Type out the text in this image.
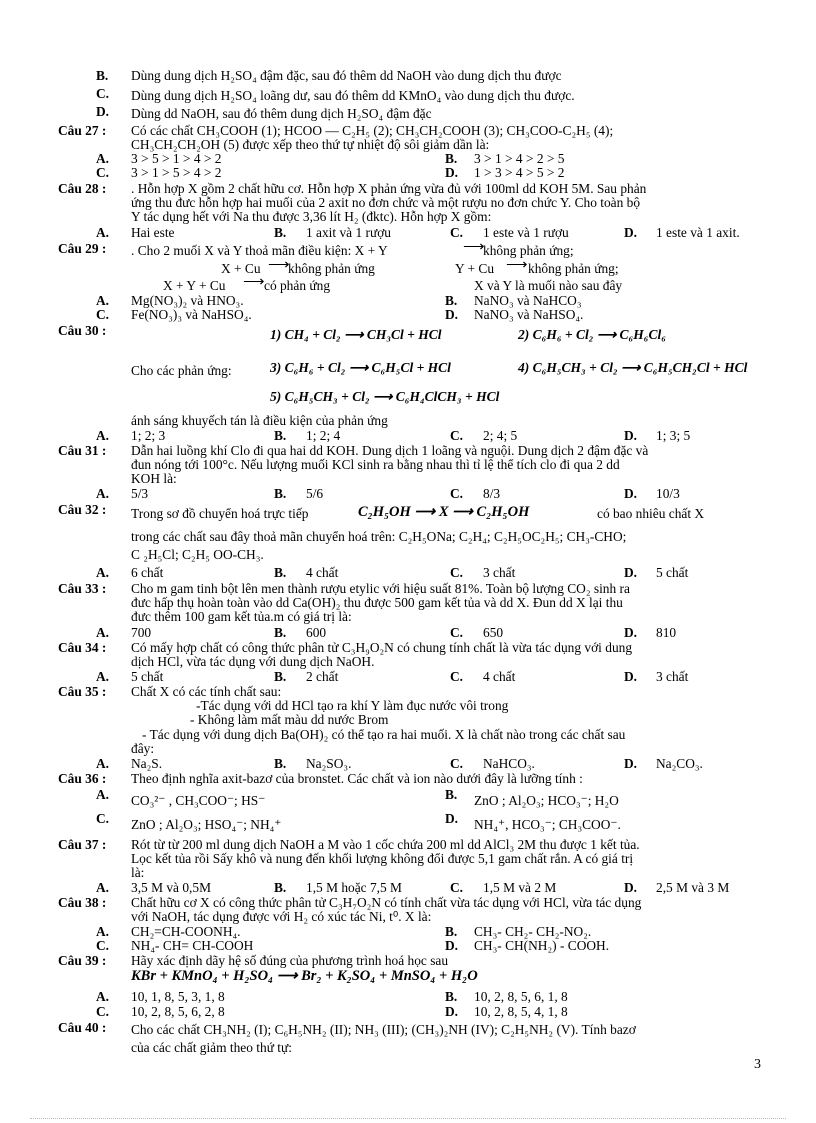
B. Dùng dung dịch H₂SO₄ đậm đặc, sau đó thêm dd NaOH vào dung dịch thu được
C. Dùng dung dịch H₂SO₄ loãng dư, sau đó thêm dd KMnO₄ vào dung dịch thu được.
D. Dùng dd NaOH, sau đó thêm dung dịch H₂SO₄ đậm đặc
Câu 27 : Có các chất CH₃COOH (1); HCOO — C₂H₅ (2); CH₃CH₂COOH (3); CH₃COO-C₂H₅ (4);
CH₃CH₂CH₂OH (5) được xếp theo thứ tự nhiệt độ sôi giảm dần là:
A. 3 > 5 > 1 > 4 > 2	B. 3 > 1 > 4 > 2 > 5
C. 3 > 1 > 5 > 4 > 2	D. 1 > 3 > 4 > 5 > 2
Câu 28 : . Hỗn hợp X gồm 2 chất hữu cơ. Hỗn hợp X phản ứng vừa đủ với 100ml dd KOH 5M. Sau phản
ứng thu đưc hỗn hợp hai muối của 2 axit no đơn chức và một rượu no đơn chức Y. Cho toàn bộ
Y tác dụng hết với Na thu được 3,36 lít H₂ (đktc). Hỗn hợp X gồm:
A. Hai este	B. 1 axit và 1 rượu	C. 1 este và 1 rượu	D. 1 este và 1 axit.
Câu 29 : . Cho 2 muối X và Y thoả mãn điều kiện: X + Y	⟶
không phản ứng;
X + Cu ⟶
không phản ứng	Y + Cu ⟶ không phản ứng;
X + Y + Cu ⟶ có phản ứng	X và Y là muối nào sau đây
A. Mg(NO₃)₂ và HNO₃.	B. NaNO₃ và NaHCO₃
C. Fe(NO₃)₃ và NaHSO₄.	D. NaNO₃ và NaHSO₄.
Câu 30 :	1) CH₄ + Cl₂ ⟶ CH₃Cl + HCl	2) C₆H₆ + Cl₂ ⟶ C₆H₆Cl₆
Cho các phản ứng:	3) C₆H₆ + Cl₂ ⟶ C₆H₅Cl + HCl	4) C₆H₅CH₃ + Cl₂ ⟶ C₆H₅CH₂Cl + HCl
5) C₆H₅CH₃ + Cl₂ ⟶ C₆H₄ClCH₃ + HCl
ánh sáng khuyếch tán là điều kiện của phản ứng
A. 1; 2; 3	B. 1; 2; 4	C. 2; 4; 5	D. 1; 3; 5
Câu 31 : Dẫn hai luồng khí Clo đi qua hai dd KOH. Dung dịch 1 loãng và nguội. Dung dịch 2 đậm đặc và
đun nóng tới 100°c. Nếu lượng muối KCl sinh ra bằng nhau thì tỉ lệ thể tích clo đi qua 2 dd
KOH là:
A. 5/3	B. 5/6	C. 8/3	D. 10/3
Câu 32 : Trong sơ đồ chuyển hoá trực tiếp	C₂H₅OH ⟶ X ⟶ C₂H₅OH	có bao nhiêu chất X
trong các chất sau đây thoả mãn chuyển hoá trên: C₂H₅ONa; C₂H₄; C₂H₅OC₂H₅; CH₃-CHO;
C ₂H₅Cl; C₂H₅ OO-CH₃.
A. 6 chất	B. 4 chất	C. 3 chất	D. 5 chất
Câu 33 : Cho m gam tinh bột lên men thành rượu etylic với hiệu suất 81%. Toàn bộ lượng CO₂ sinh ra
đưc hấp thụ hoàn toàn vào dd Ca(OH)₂ thu được 500 gam kết tủa và dd X. Đun dd X lại thu
đưc thêm 100 gam kết tủa.m có giá trị là:
A. 700	B. 600	C. 650	D. 810
Câu 34 : Có mấy hợp chất có công thức phân tử C₃H₉O₂N có chung tính chất là vừa tác dụng với dung
dịch HCl, vừa tác dụng với dung dịch NaOH.
A. 5 chất	B. 2 chất	C. 4 chất	D. 3 chất
Câu 35 : Chất X có các tính chất sau:
-Tác dụng với dd HCl tạo ra khí Y làm đục nước vôi trong
- Không làm mất màu dd nước Brom
- Tác dụng với dung dịch Ba(OH)₂ có thể tạo ra hai muối. X là chất nào trong các chất sau
đây:
A. Na₂S.	B. Na₂SO₃.	C. NaHCO₃.	D. Na₂CO₃.
Câu 36 : Theo định nghĩa axit-bazơ của bronstet. Các chất và ion nào dưới đây là lưỡng tính :
A. CO₃²⁻ , CH₃COO⁻; HS⁻	B. ZnO ; Al₂O₃; HCO₃⁻; H₂O
C. ZnO ; Al₂O₃; HSO₄⁻; NH₄⁺	D. NH₄⁺, HCO₃⁻; CH₃COO⁻.
Câu 37 : Rót từ từ 200 ml dung dịch NaOH a M vào 1 cốc chứa 200 ml dd AlCl₃ 2M thu được 1 kết tủa.
Lọc kết tủa rồi Sấy khô và nung đến khối lượng không đổi được 5,1 gam chất rắn. A có giá trị
là:
A. 3,5 M và 0,5M	B. 1,5 M hoặc 7,5 M	C. 1,5 M và 2 M	D. 2,5 M và 3 M
Câu 38 : Chất hữu cơ X có công thức phân tử C₃H₇O₂N có tính chất vừa tác dụng với HCl, vừa tác dụng
với NaOH, tác dụng được với H₂ có xúc tác Ni, t⁰. X là:
A. CH₂=CH-COONH₄.	B. CH₃- CH₂- CH₂-NO₂.
C. NH₄- CH= CH-COOH	D. CH₃- CH(NH₂) - COOH.
Câu 39 : Hãy xác định dãy hệ số đúng của phương trình hoá học sau
KBr + KMnO₄ + H₂SO₄ ⟶ Br₂ + K₂SO₄ + MnSO₄ + H₂O
A. 10, 1, 8, 5, 3, 1, 8	B. 10, 2, 8, 5, 6, 1, 8
C. 10, 2, 8, 5, 6, 2, 8	D. 10, 2, 8, 5, 4, 1, 8
Câu 40 : Cho các chất CH₃NH₂ (I); C₆H₅NH₂ (II); NH₃ (III); (CH₃)₂NH (IV); C₂H₅NH₂ (V). Tính bazơ
của các chất giảm theo thứ tự:
3
